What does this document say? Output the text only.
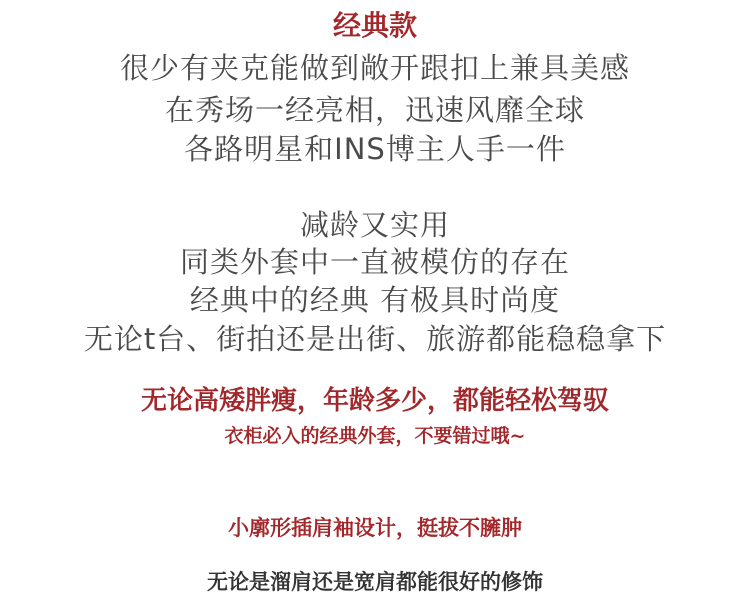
经典款

很少有夹克能做到敞开跟扣上兼具美感

在秀场一经亮相，迅速风靡全球

各路明星和INS博主人手一件

减龄又实用

同类外套中一直被模仿的存在

经典中的经典 有极具时尚度

无论t台、街拍还是出街、旅游都能稳稳拿下

无论高矮胖瘦，年龄多少，都能轻松驾驭

衣柜必入的经典外套，不要错过哦~

小廓形插肩袖设计，挺拔不臃肿

无论是溜肩还是宽肩都能很好的修饰
